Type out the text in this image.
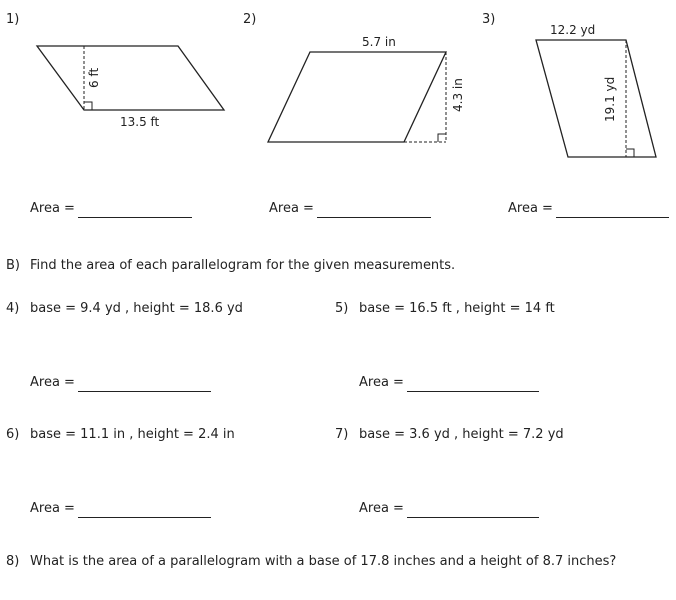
1)	2)	3)
6 ft
13.5 ft
5.7 in
4.3 in
12.2 yd
19.1 yd
Area =	Area =	Area =
B) Find the area of each parallelogram for the given measurements.
4) base = 9.4 yd , height = 18.6 yd	5) base = 16.5 ft , height = 14 ft
Area =	Area =
6) base = 11.1 in , height = 2.4 in	7) base = 3.6 yd , height = 7.2 yd
Area =	Area =
8) What is the area of a parallelogram with a base of 17.8 inches and a height of 8.7 inches?
